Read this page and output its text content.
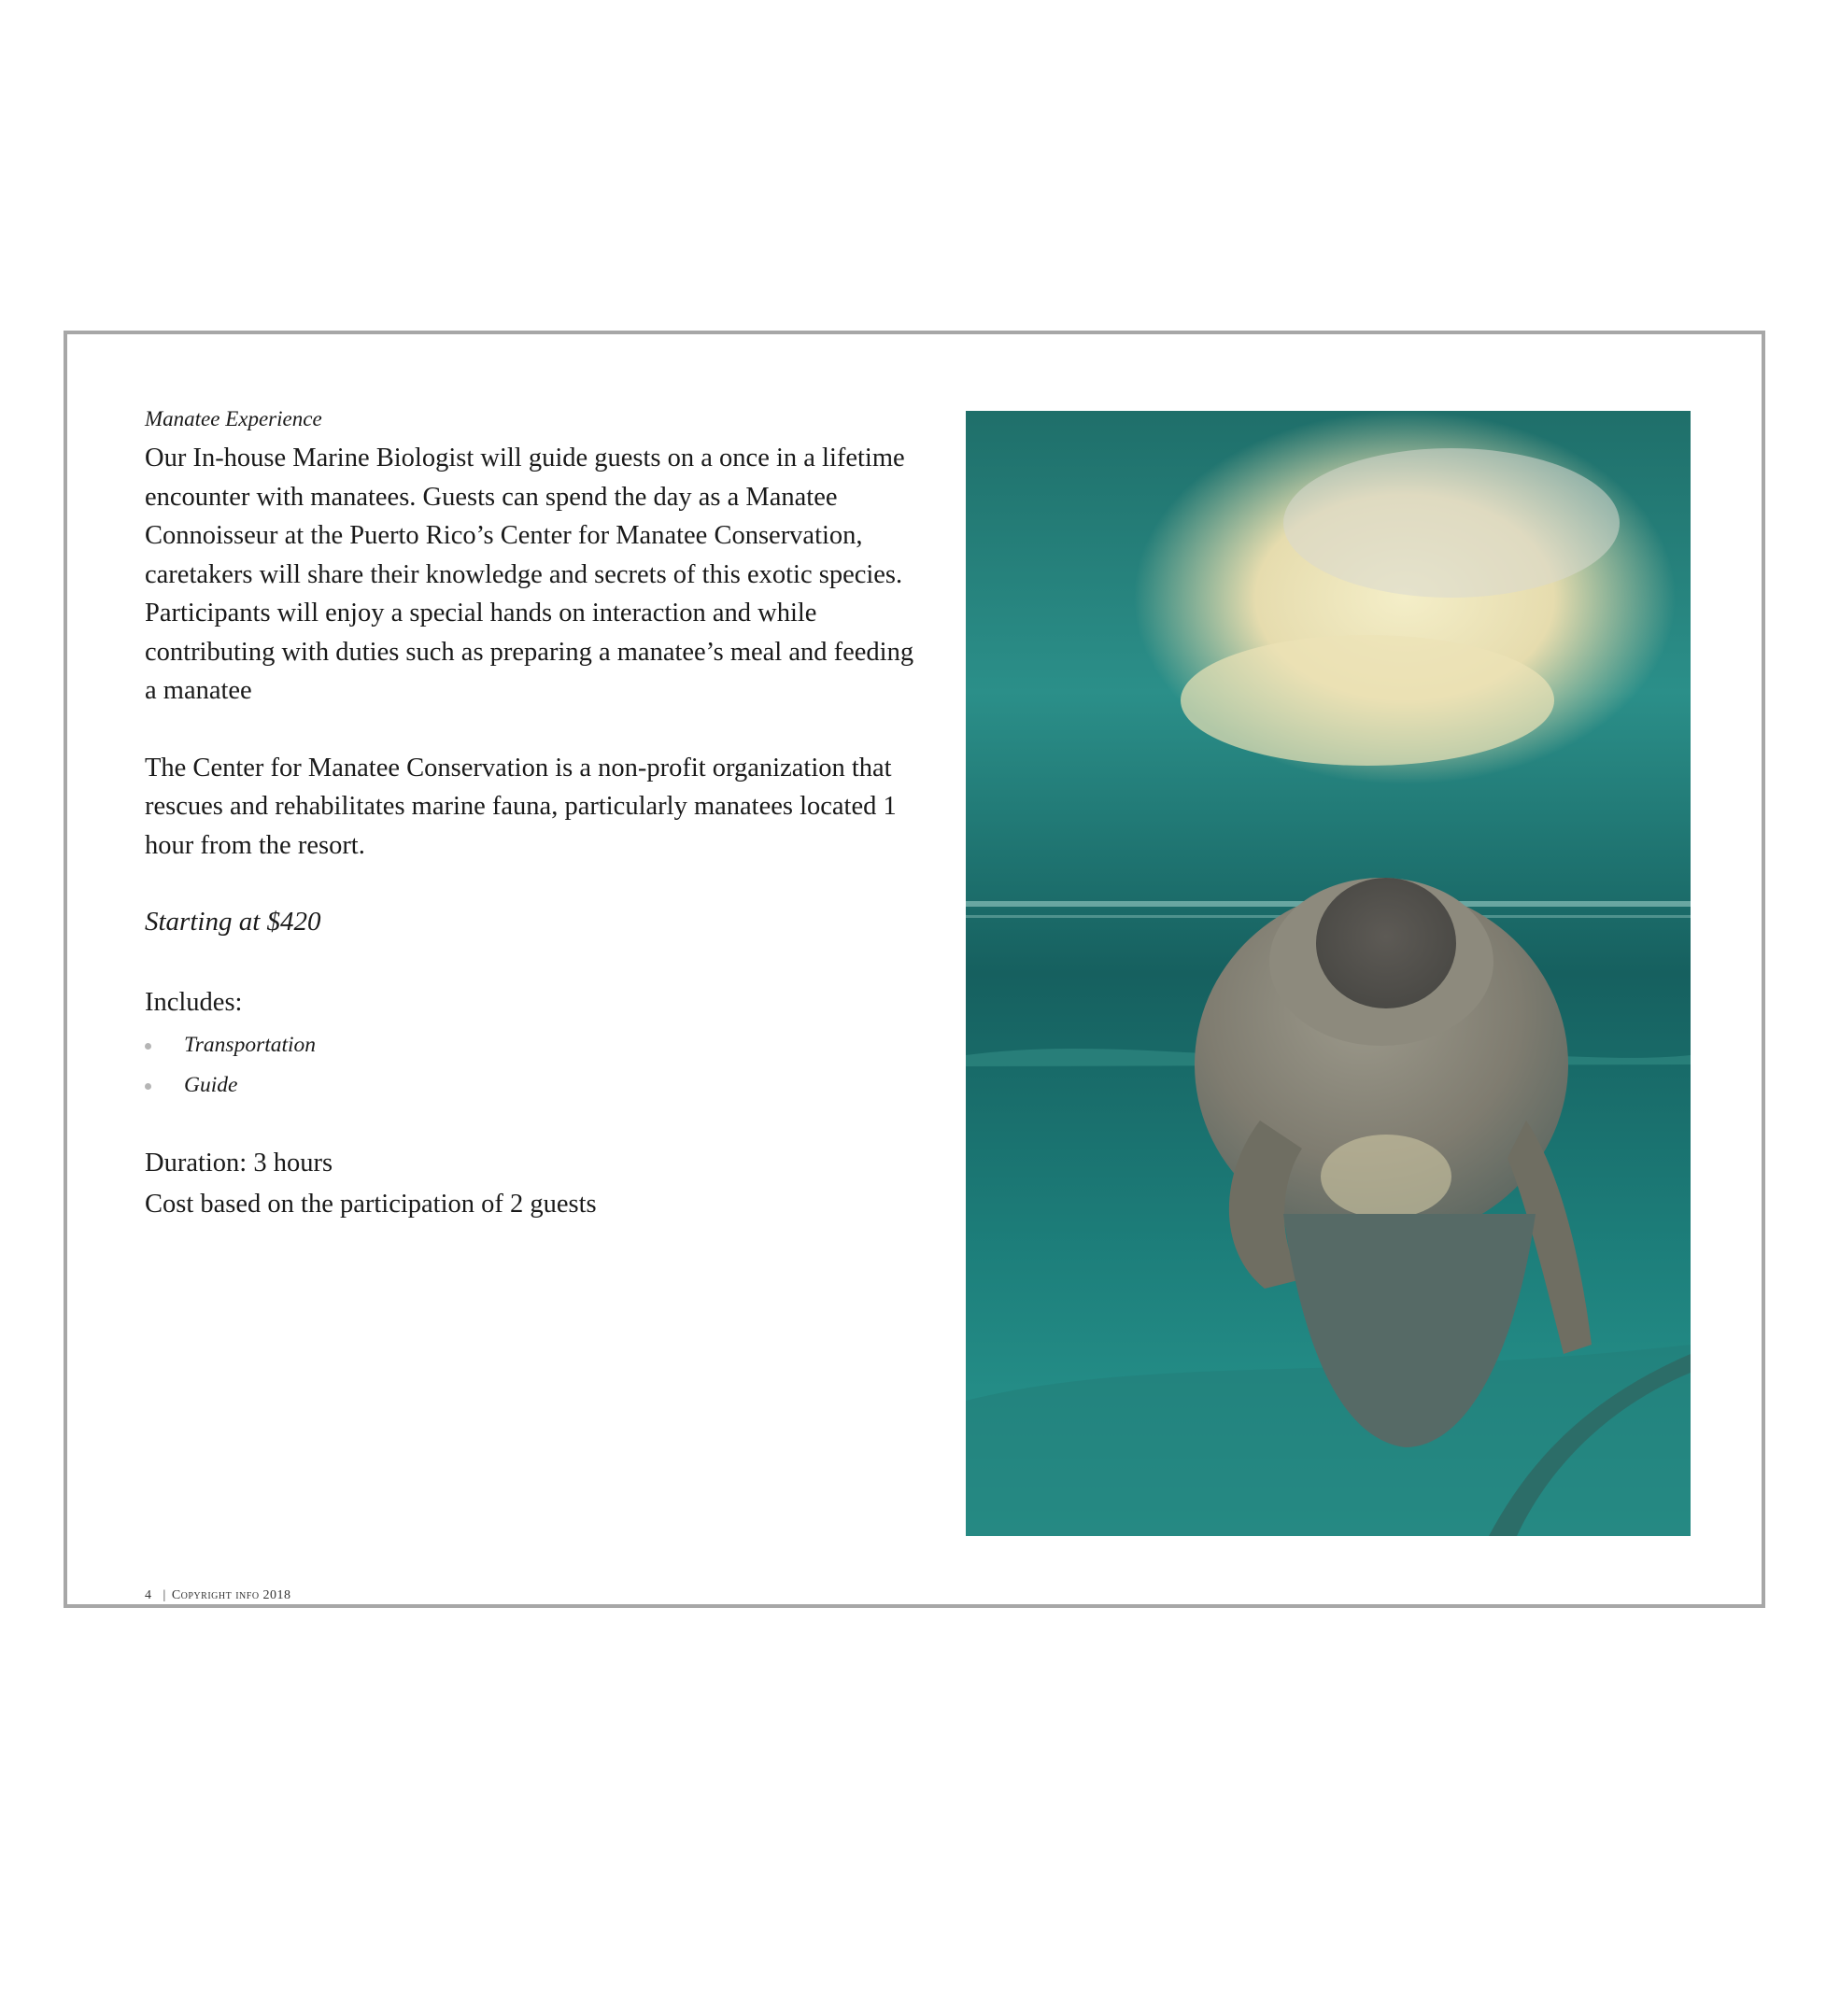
Manatee Experience

Our In-house Marine Biologist will guide guests on a once in a lifetime encounter with manatees. Guests can spend the day as a Manatee Connoisseur at the Puerto Rico’s Center for Manatee Conservation, caretakers will share their knowledge and secrets of this exotic species. Participants will enjoy a special hands on interaction and while contributing with duties such as preparing a manatee’s meal and feeding a manatee

The Center for Manatee Conservation is a non-profit organization that rescues and rehabilitates marine fauna, particularly manatees located 1 hour from the resort.

Starting at $420

Includes:

Transportation
Guide

Duration: 3 hours

Cost based on the participation of 2 guests

4 | Copyright info 2018
